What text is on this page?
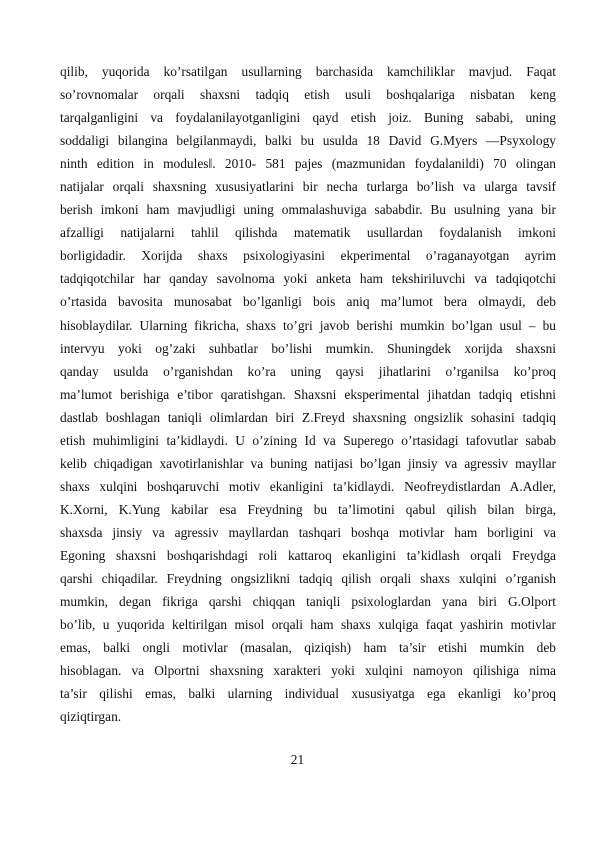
qilib, yuqorida ko’rsatilgan usullarning barchasida kamchiliklar mavjud. Faqat
so’rovnomalar orqali shaxsni tadqiq etish usuli boshqalariga nisbatan keng
tarqalganligini va foydalanilayotganligini qayd etish joiz. Buning sababi, uning
soddaligi bilangina belgilanmaydi, balki bu usulda 18 David G.Myers ―Psyxology
ninth edition in modules‖. 2010- 581 pajes (mazmunidan foydalanildi) 70 olingan
natijalar orqali shaxsning xususiyatlarini bir necha turlarga bo’lish va ularga tavsif
berish imkoni ham mavjudligi uning ommalashuviga sababdir. Bu usulning yana bir
afzalligi natijalarni tahlil qilishda matematik usullardan foydalanish imkoni
borligidadir. Xorijda shaxs psixologiyasini ekperimental o’raganayotgan ayrim
tadqiqotchilar har qanday savolnoma yoki anketa ham tekshiriluvchi va tadqiqotchi
o’rtasida bavosita munosabat bo’lganligi bois aniq ma’lumot bera olmaydi, deb
hisoblaydilar. Ularning fikricha, shaxs to’gri javob berishi mumkin bo’lgan usul – bu
intervyu yoki og’zaki suhbatlar bo’lishi mumkin. Shuningdek xorijda shaxsni
qanday usulda o’rganishdan ko’ra uning qaysi jihatlarini o’rganilsa ko’proq
ma’lumot berishiga e’tibor qaratishgan. Shaxsni eksperimental jihatdan tadqiq etishni
dastlab boshlagan taniqli olimlardan biri Z.Freyd shaxsning ongsizlik sohasini tadqiq
etish muhimligini ta’kidlaydi. U o’zining Id va Superego o’rtasidagi tafovutlar sabab
kelib chiqadigan xavotirlanishlar va buning natijasi bo’lgan jinsiy va agressiv mayllar
shaxs xulqini boshqaruvchi motiv ekanligini ta’kidlaydi. Neofreydistlardan A.Adler,
K.Xorni, K.Yung kabilar esa Freydning bu ta’limotini qabul qilish bilan birga,
shaxsda jinsiy va agressiv mayllardan tashqari boshqa motivlar ham borligini va
Egoning shaxsni boshqarishdagi roli kattaroq ekanligini ta’kidlash orqali Freydga
qarshi chiqadilar. Freydning ongsizlikni tadqiq qilish orqali shaxs xulqini o’rganish
mumkin, degan fikriga qarshi chiqqan taniqli psixologlardan yana biri G.Olport
bo’lib, u yuqorida keltirilgan misol orqali ham shaxs xulqiga faqat yashirin motivlar
emas, balki ongli motivlar (masalan, qiziqish) ham ta’sir etishi mumkin deb
hisoblagan. va Olportni shaxsning xarakteri yoki xulqini namoyon qilishiga nima
ta’sir qilishi emas, balki ularning individual xususiyatga ega ekanligi ko’proq
qiziqtirgan.
21
